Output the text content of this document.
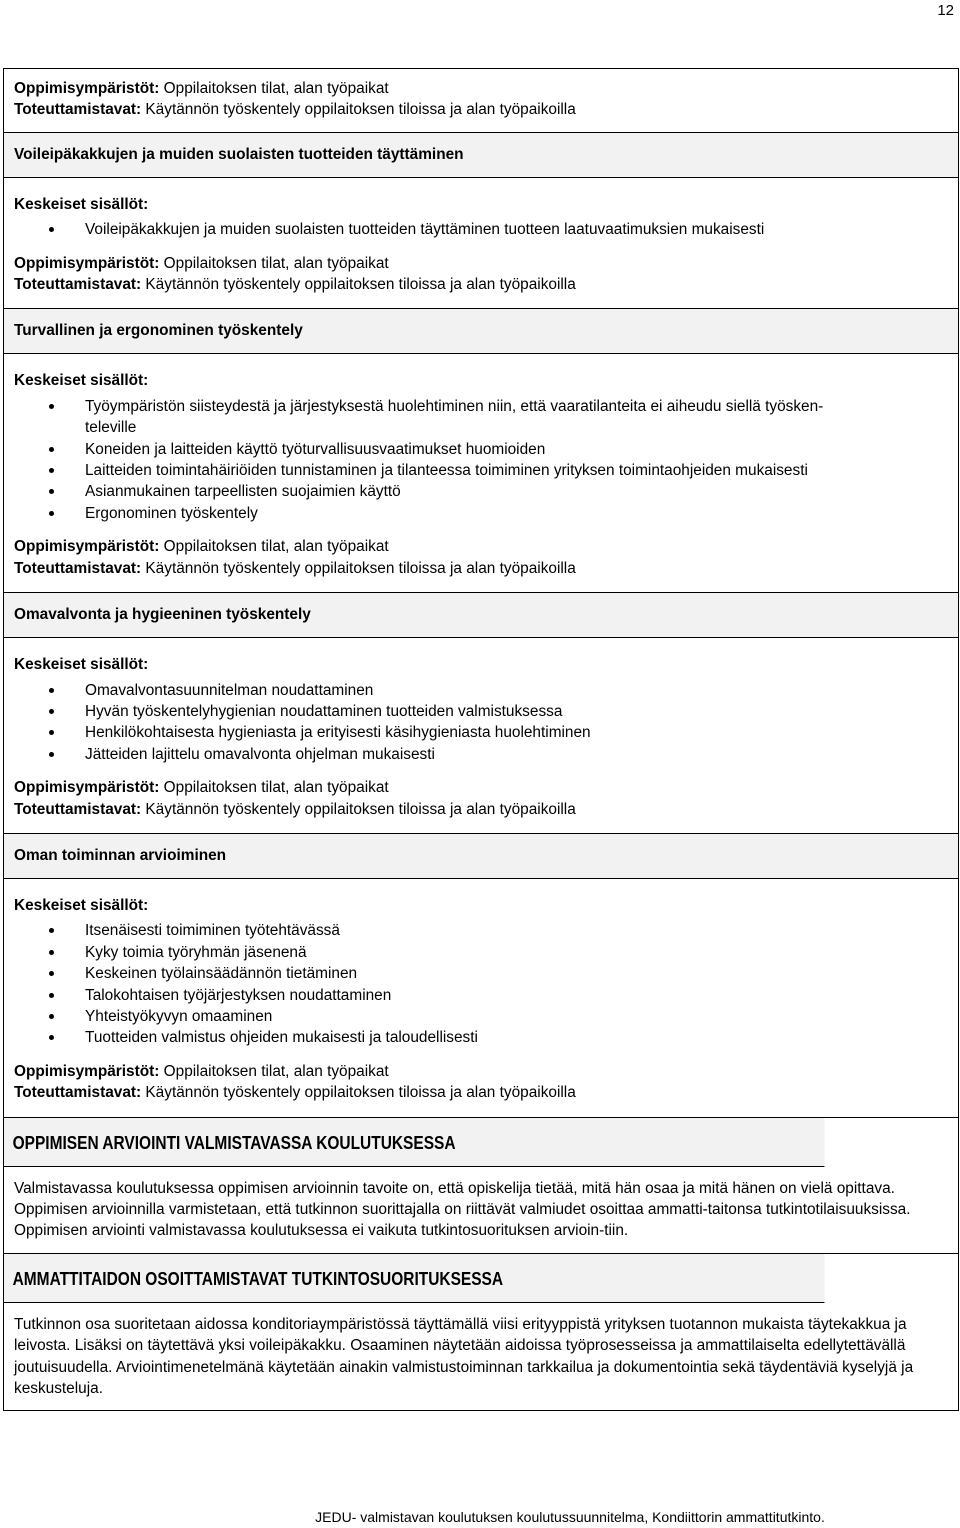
12
Oppimisympäristöt: Oppilaitoksen tilat, alan työpaikat
Toteuttamistavat: Käytännön työskentely oppilaitoksen tiloissa ja alan työpaikoilla
Voileipäkakkujen ja muiden suolaisten tuotteiden täyttäminen
Keskeiset sisällöt:
Voileipäkakkujen ja muiden suolaisten tuotteiden täyttäminen tuotteen laatuvaatimuksien mukaisesti
Oppimisympäristöt: Oppilaitoksen tilat, alan työpaikat
Toteuttamistavat: Käytännön työskentely oppilaitoksen tiloissa ja alan työpaikoilla
Turvallinen ja ergonominen työskentely
Keskeiset sisällöt:
Työympäristön siisteydestä ja järjestyksestä huolehtiminen niin, että vaaratilanteita ei aiheudu siellä työsken-
televille
Koneiden ja laitteiden käyttö työturvallisuusvaatimukset huomioiden
Laitteiden toimintahäiriöiden tunnistaminen ja tilanteessa toimiminen yrityksen toimintaohjeiden mukaisesti
Asianmukainen tarpeellisten suojaimien käyttö
Ergonominen työskentely
Oppimisympäristöt: Oppilaitoksen tilat, alan työpaikat
Toteuttamistavat: Käytännön työskentely oppilaitoksen tiloissa ja alan työpaikoilla
Omavalvonta ja hygieeninen työskentely
Keskeiset sisällöt:
Omavalvontasuunnitelman noudattaminen
Hyvän työskentelyhygienian noudattaminen tuotteiden valmistuksessa
Henkilökohtaisesta hygieniasta ja erityisesti käsihygieniasta huolehtiminen
Jätteiden lajittelu omavalvonta ohjelman mukaisesti
Oppimisympäristöt: Oppilaitoksen tilat, alan työpaikat
Toteuttamistavat: Käytännön työskentely oppilaitoksen tiloissa ja alan työpaikoilla
Oman toiminnan arvioiminen
Keskeiset sisällöt:
Itsenäisesti toimiminen työtehtävässä
Kyky toimia työryhmän jäsenenä
Keskeinen työlainsäädännön tietäminen
Talokohtaisen työjärjestyksen noudattaminen
Yhteistyökyvyn omaaminen
Tuotteiden valmistus ohjeiden mukaisesti ja taloudellisesti
Oppimisympäristöt: Oppilaitoksen tilat, alan työpaikat
Toteuttamistavat: Käytännön työskentely oppilaitoksen tiloissa ja alan työpaikoilla
OPPIMISEN ARVIOINTI VALMISTAVASSA KOULUTUKSESSA
Valmistavassa koulutuksessa oppimisen arvioinnin tavoite on, että opiskelija tietää, mitä hän osaa ja mitä hänen on vielä opittava. Oppimisen arvioinnilla varmistetaan, että tutkinnon suorittajalla on riittävät valmiudet osoittaa ammatti-taitonsa tutkintotilaisuuksissa. Oppimisen arviointi valmistavassa koulutuksessa ei vaikuta tutkintosuorituksen arvioin-tiin.
AMMATTITAIDON OSOITTAMISTAVAT TUTKINTOSUORITUKSESSA
Tutkinnon osa suoritetaan aidossa konditoriaympäristössä täyttämällä viisi erityyppistä yrityksen tuotannon mukaista täytekakkua ja leivosta. Lisäksi on täytettävä yksi voileipäkakku. Osaaminen näytetään aidoissa työprosesseissa ja ammattilaiselta edellytettävällä joutuisuudella. Arviointimenetelmänä käytetään ainakin valmistustoiminnan tarkkailua ja dokumentointia sekä täydentäviä kyselyjä ja keskusteluja.
JEDU- valmistavan koulutuksen koulutussuunnitelma, Kondiittorin ammattitutkinto.
